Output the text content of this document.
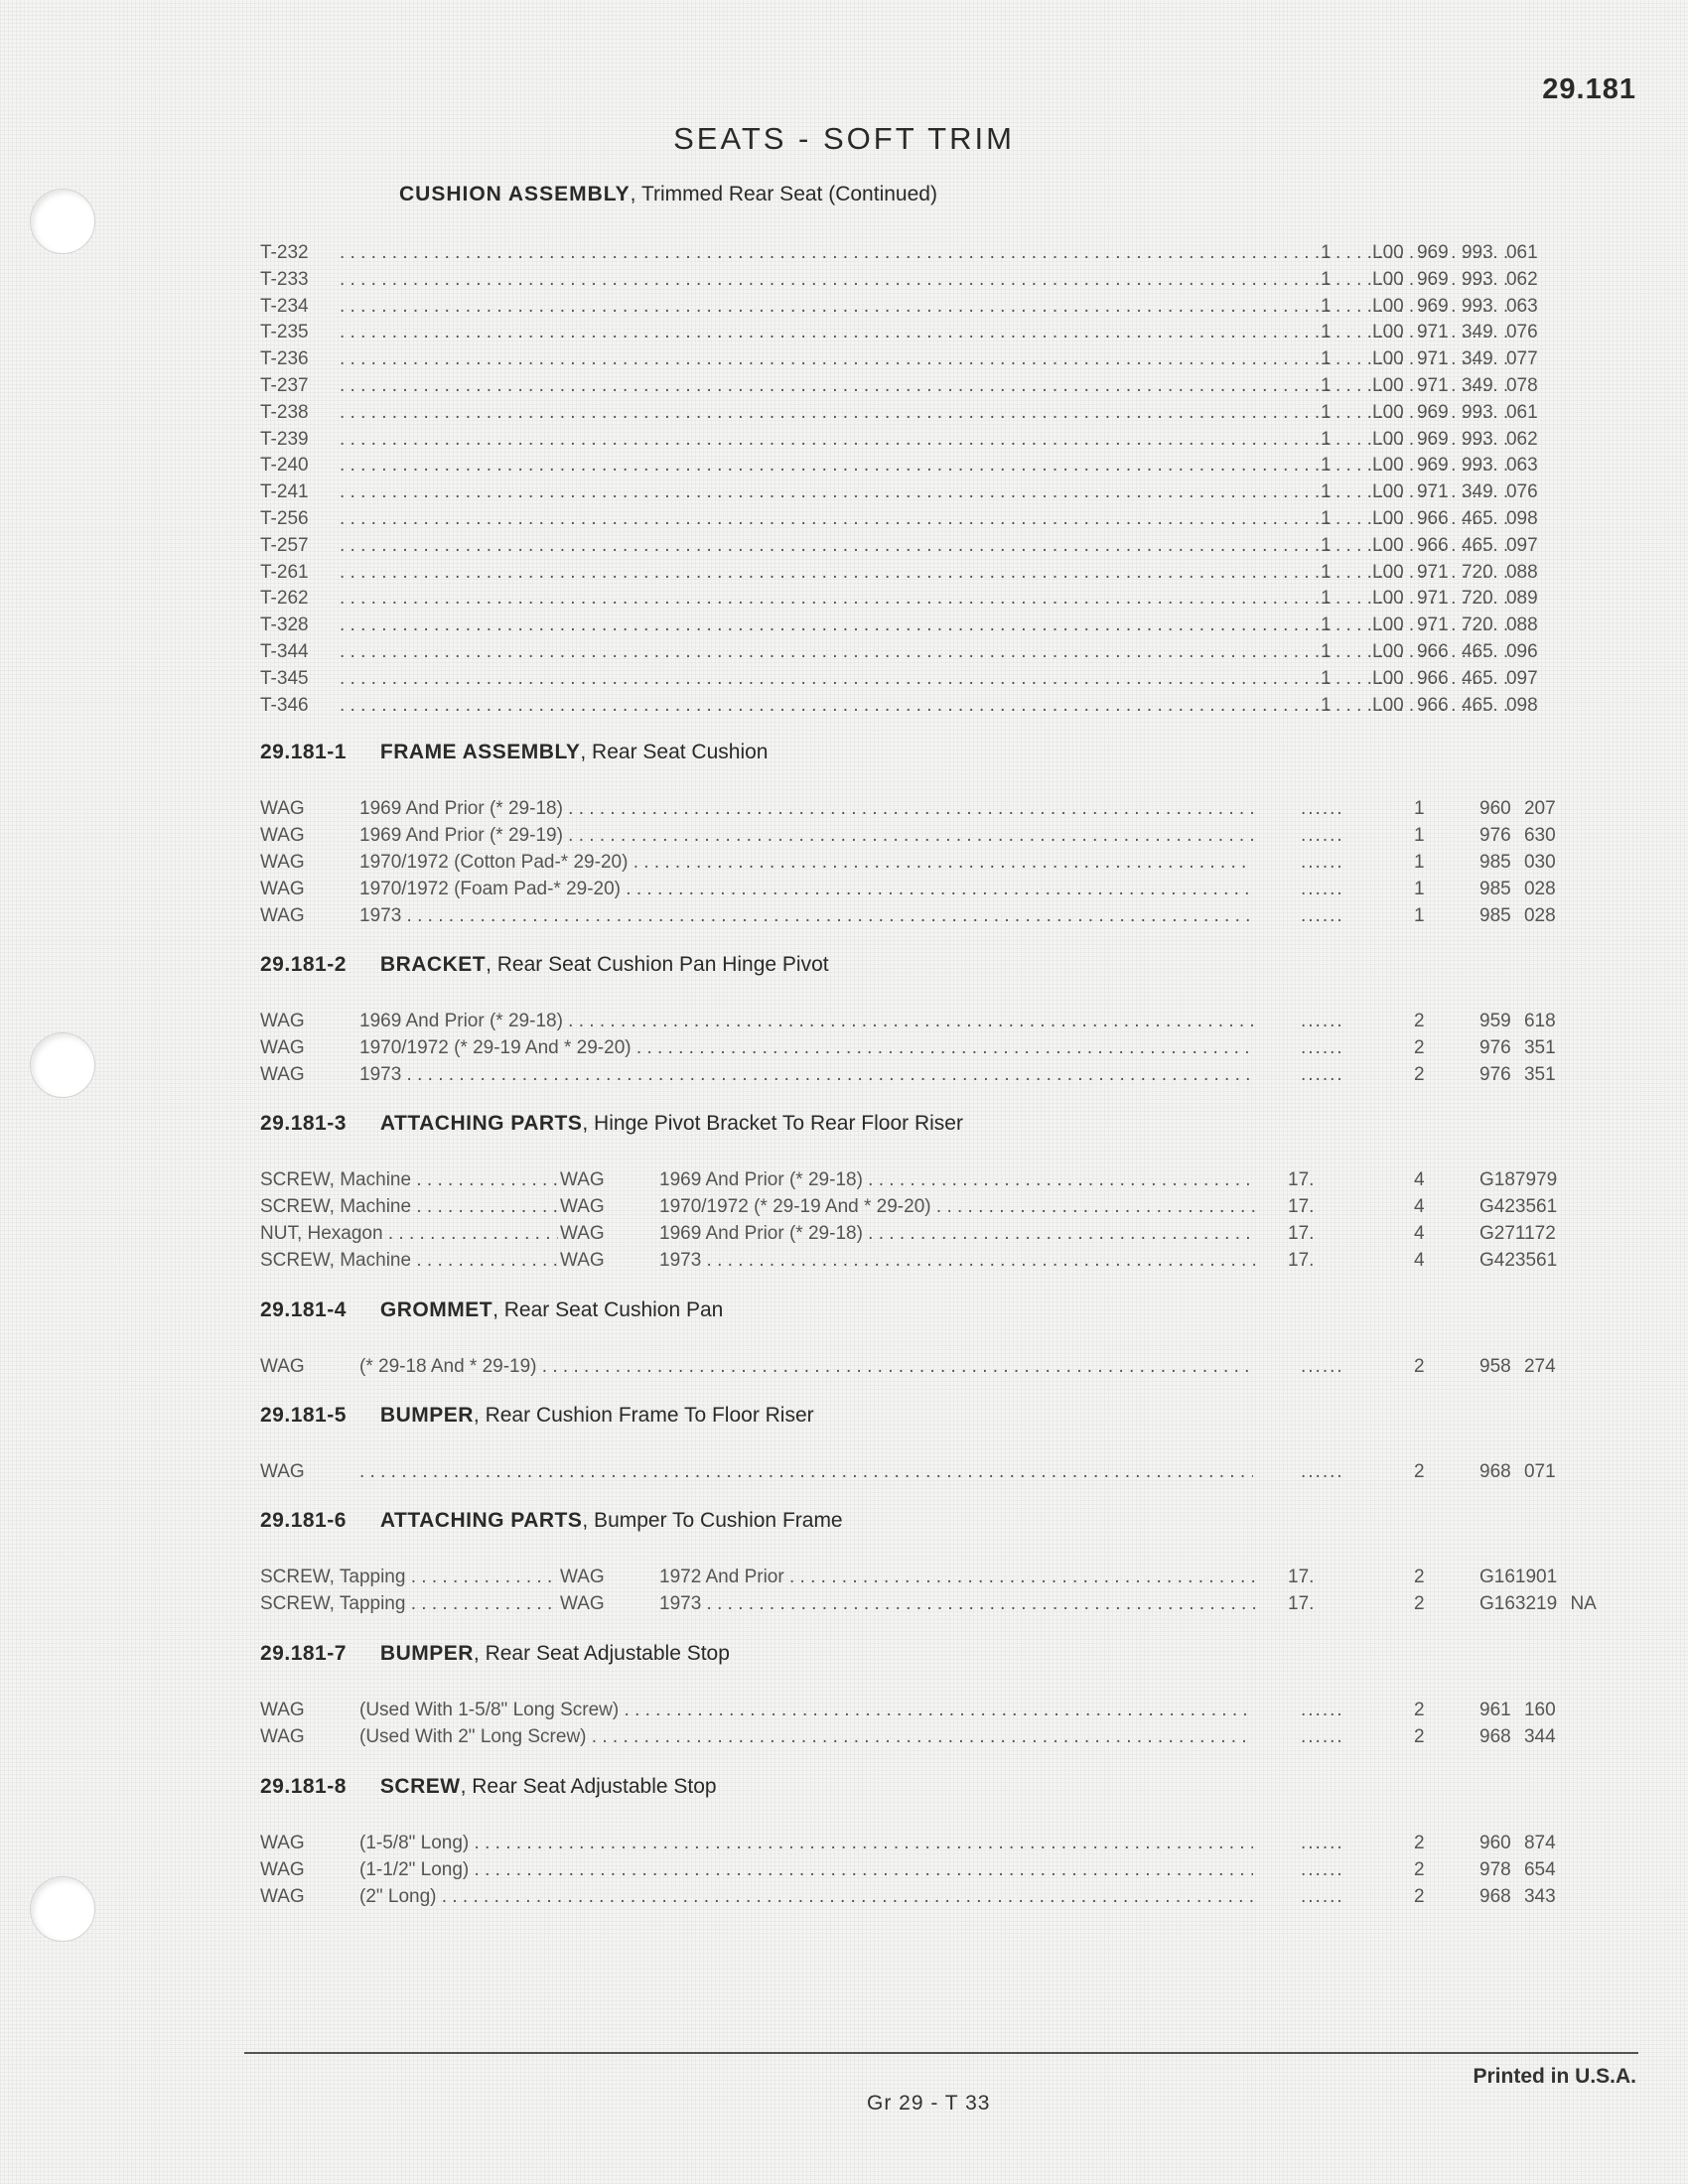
29.181
SEATS - SOFT TRIM
CUSHION ASSEMBLY, Trimmed Rear Seat (Continued)
T-232 . . .	1 L00 969 993 061
T-233 . . .	1 L00 969 993 062
T-234 . . .	1 L00 969 993 063
T-235 . . .	1 L00 971 349 076
T-236 . . .	1 L00 971 349 077
T-237 . . .	1 L00 971 349 078
T-238 . . .	1 L00 969 993 061
T-239 . . .	1 L00 969 993 062
T-240 . . .	1 L00 969 993 063
T-241 . . .	1 L00 971 349 076
T-256 . . .	1 L00 966 465 098
T-257 . . .	1 L00 966 465 097
T-261 . . .	1 L00 971 720 088
T-262 . . .	1 L00 971 720 089
T-328 . . .	1 L00 971 720 088
T-344 . . .	1 L00 966 465 096
T-345 . . .	1 L00 966 465 097
T-346 . . .	1 L00 966 465 098
29.181-1 FRAME ASSEMBLY, Rear Seat Cushion
WAG	1969 And Prior (* 29-18) . . .	......	1	960 207
WAG	1969 And Prior (* 29-19) . . .	......	1	976 630
WAG	1970/1972 (Cotton Pad-* 29-20) . . .	......	1	985 030
WAG	1970/1972 (Foam Pad-* 29-20) . . .	......	1	985 028
WAG	1973 . . .	......	1	985 028
29.181-2 BRACKET, Rear Seat Cushion Pan Hinge Pivot
WAG	1969 And Prior (* 29-18) . . .	......	2	959 618
WAG	1970/1972 (* 29-19 And * 29-20) . . .	......	2	976 351
WAG	1973 . . .	......	2	976 351
29.181-3 ATTACHING PARTS, Hinge Pivot Bracket To Rear Floor Riser
SCREW, Machine . . .	WAG	1969 And Prior (* 29-18) . . .	17.	4	G187979
SCREW, Machine . . .	WAG	1970/1972 (* 29-19 And * 29-20) . . .	17.	4	G423561
NUT, Hexagon . . .	WAG	1969 And Prior (* 29-18) . . .	17.	4	G271172
SCREW, Machine . . .	WAG	1973 . . .	17.	4	G423561
29.181-4 GROMMET, Rear Seat Cushion Pan
WAG	(* 29-18 And * 29-19) . . .	......	2	958 274
29.181-5 BUMPER, Rear Cushion Frame To Floor Riser
WAG . . .	......	2	968 071
29.181-6 ATTACHING PARTS, Bumper To Cushion Frame
SCREW, Tapping . . .	WAG	1972 And Prior . . .	17.	2	G161901
SCREW, Tapping . . .	WAG	1973 . . .	17.	2	G163219 NA
29.181-7 BUMPER, Rear Seat Adjustable Stop
WAG	(Used With 1-5/8" Long Screw) . . .	......	2	961 160
WAG	(Used With 2" Long Screw) . . .	......	2	968 344
29.181-8 SCREW, Rear Seat Adjustable Stop
WAG	(1-5/8" Long) . . .	......	2	960 874
WAG	(1-1/2" Long) . . .	......	2	978 654
WAG	(2" Long) . . .	......	2	968 343
Printed in U.S.A.
Gr 29 - T 33
